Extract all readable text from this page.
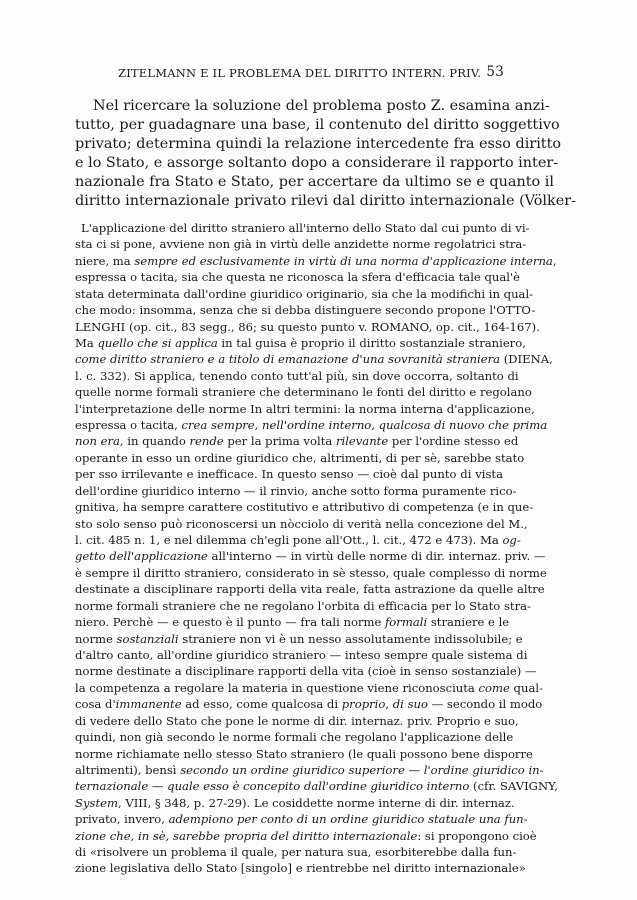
ZITELMANN E IL PROBLEMA DEL DIRITTO INTERN. PRIV. 53
Nel ricercare la soluzione del problema posto Z. esamina anzi-
tutto, per guadagnare una base, il contenuto del diritto soggettivo
privato; determina quindi la relazione intercedente fra esso diritto
e lo Stato, e assorge soltanto dopo a considerare il rapporto inter-
nazionale fra Stato e Stato, per accertare da ultimo se e quanto il
diritto internazionale privato rilevi dal diritto internazionale (Völker-
L'applicazione del diritto straniero all'interno dello Stato dal cui punto di vi-
sta ci si pone, avviene non già in virtù delle anzidette norme regolatrici stra-
niere, ma sempre ed esclusivamente in virtù di una norma d'applicazione interna,
espressa o tacita, sia che questa ne riconosca la sfera d'efficacia tale qual'è
stata determinata dall'ordine giuridico originario, sia che la modifichi in qual-
che modo: insomma, senza che si debba distinguere secondo propone l'OTTO-
LENGHI (op. cit., 83 segg., 86; su questo punto v. ROMANO, op. cit., 164-167).
Ma quello che si applica in tal guisa è proprio il diritto sostanziale straniero,
come diritto straniero e a titolo di emanazione d'una sovranità straniera (DIENA,
l. c. 332). Si applica, tenendo conto tutt'al più, sin dove occorra, soltanto di
quelle norme formali straniere che determinano le fonti del diritto e regolano
l'interpretazione delle norme In altri termini: la norma interna d'applicazione,
espressa o tacita, crea sempre, nell'ordine interno, qualcosa di nuovo che prima
non era, in quando rende per la prima volta rilevante per l'ordine stesso ed
operante in esso un ordine giuridico che, altrimenti, di per sè, sarebbe stato
per sso irrilevante e inefficace. In questo senso — cioè dal punto di vista
dell'ordine giuridico interno — il rinvio, anche sotto forma puramente rico-
gnitiva, ha sempre carattere costitutivo e attributivo di competenza (e in que-
sto solo senso può riconoscersi un nòcciolo di verità nella concezione del M.,
l. cit. 485 n. 1, e nel dilemma ch'egli pone all'Ott., l. cit., 472 e 473). Ma og-
getto dell'applicazione all'interno — in virtù delle norme di dir. internaz. priv. —
è sempre il diritto straniero, considerato in sè stesso, quale complesso di norme
destinate a disciplinare rapporti della vita reale, fatta astrazione da quelle altre
norme formali straniere che ne regolano l'orbita di efficacia per lo Stato stra-
niero. Perchè — e questo è il punto — fra tali norme formali straniere e le
norme sostanziali straniere non vi è un nesso assolutamente indissolubile; e
d'altro canto, all'ordine giuridico straniero — inteso sempre quale sistema di
norme destinate a disciplinare rapporti della vita (cioè in senso sostanziale) —
la competenza a regolare la materia in questione viene riconosciuta come qual-
cosa d'immanente ad esso, come qualcosa di proprio, di suo — secondo il modo
di vedere dello Stato che pone le norme di dir. internaz. priv. Proprio e suo,
quindi, non già secondo le norme formali che regolano l'applicazione delle
norme richiamate nello stesso Stato straniero (le quali possono bene disporre
altrimenti), bensì secondo un ordine giuridico superiore — l'ordine giuridico in-
ternazionale — quale esso è concepito dall'ordine giuridico interno (cfr. SAVIGNY,
System, VIII, § 348, p. 27-29). Le cosiddette norme interne di dir. internaz.
privato, invero, adempiono per conto di un ordine giuridico statuale una fun-
zione che, in sè, sarebbe propria del diritto internazionale: si propongono cioè
di «risolvere un problema il quale, per natura sua, esorbiterebbe dalla fun-
zione legislativa dello Stato [singolo] e rientrebbe nel diritto internazionale»
